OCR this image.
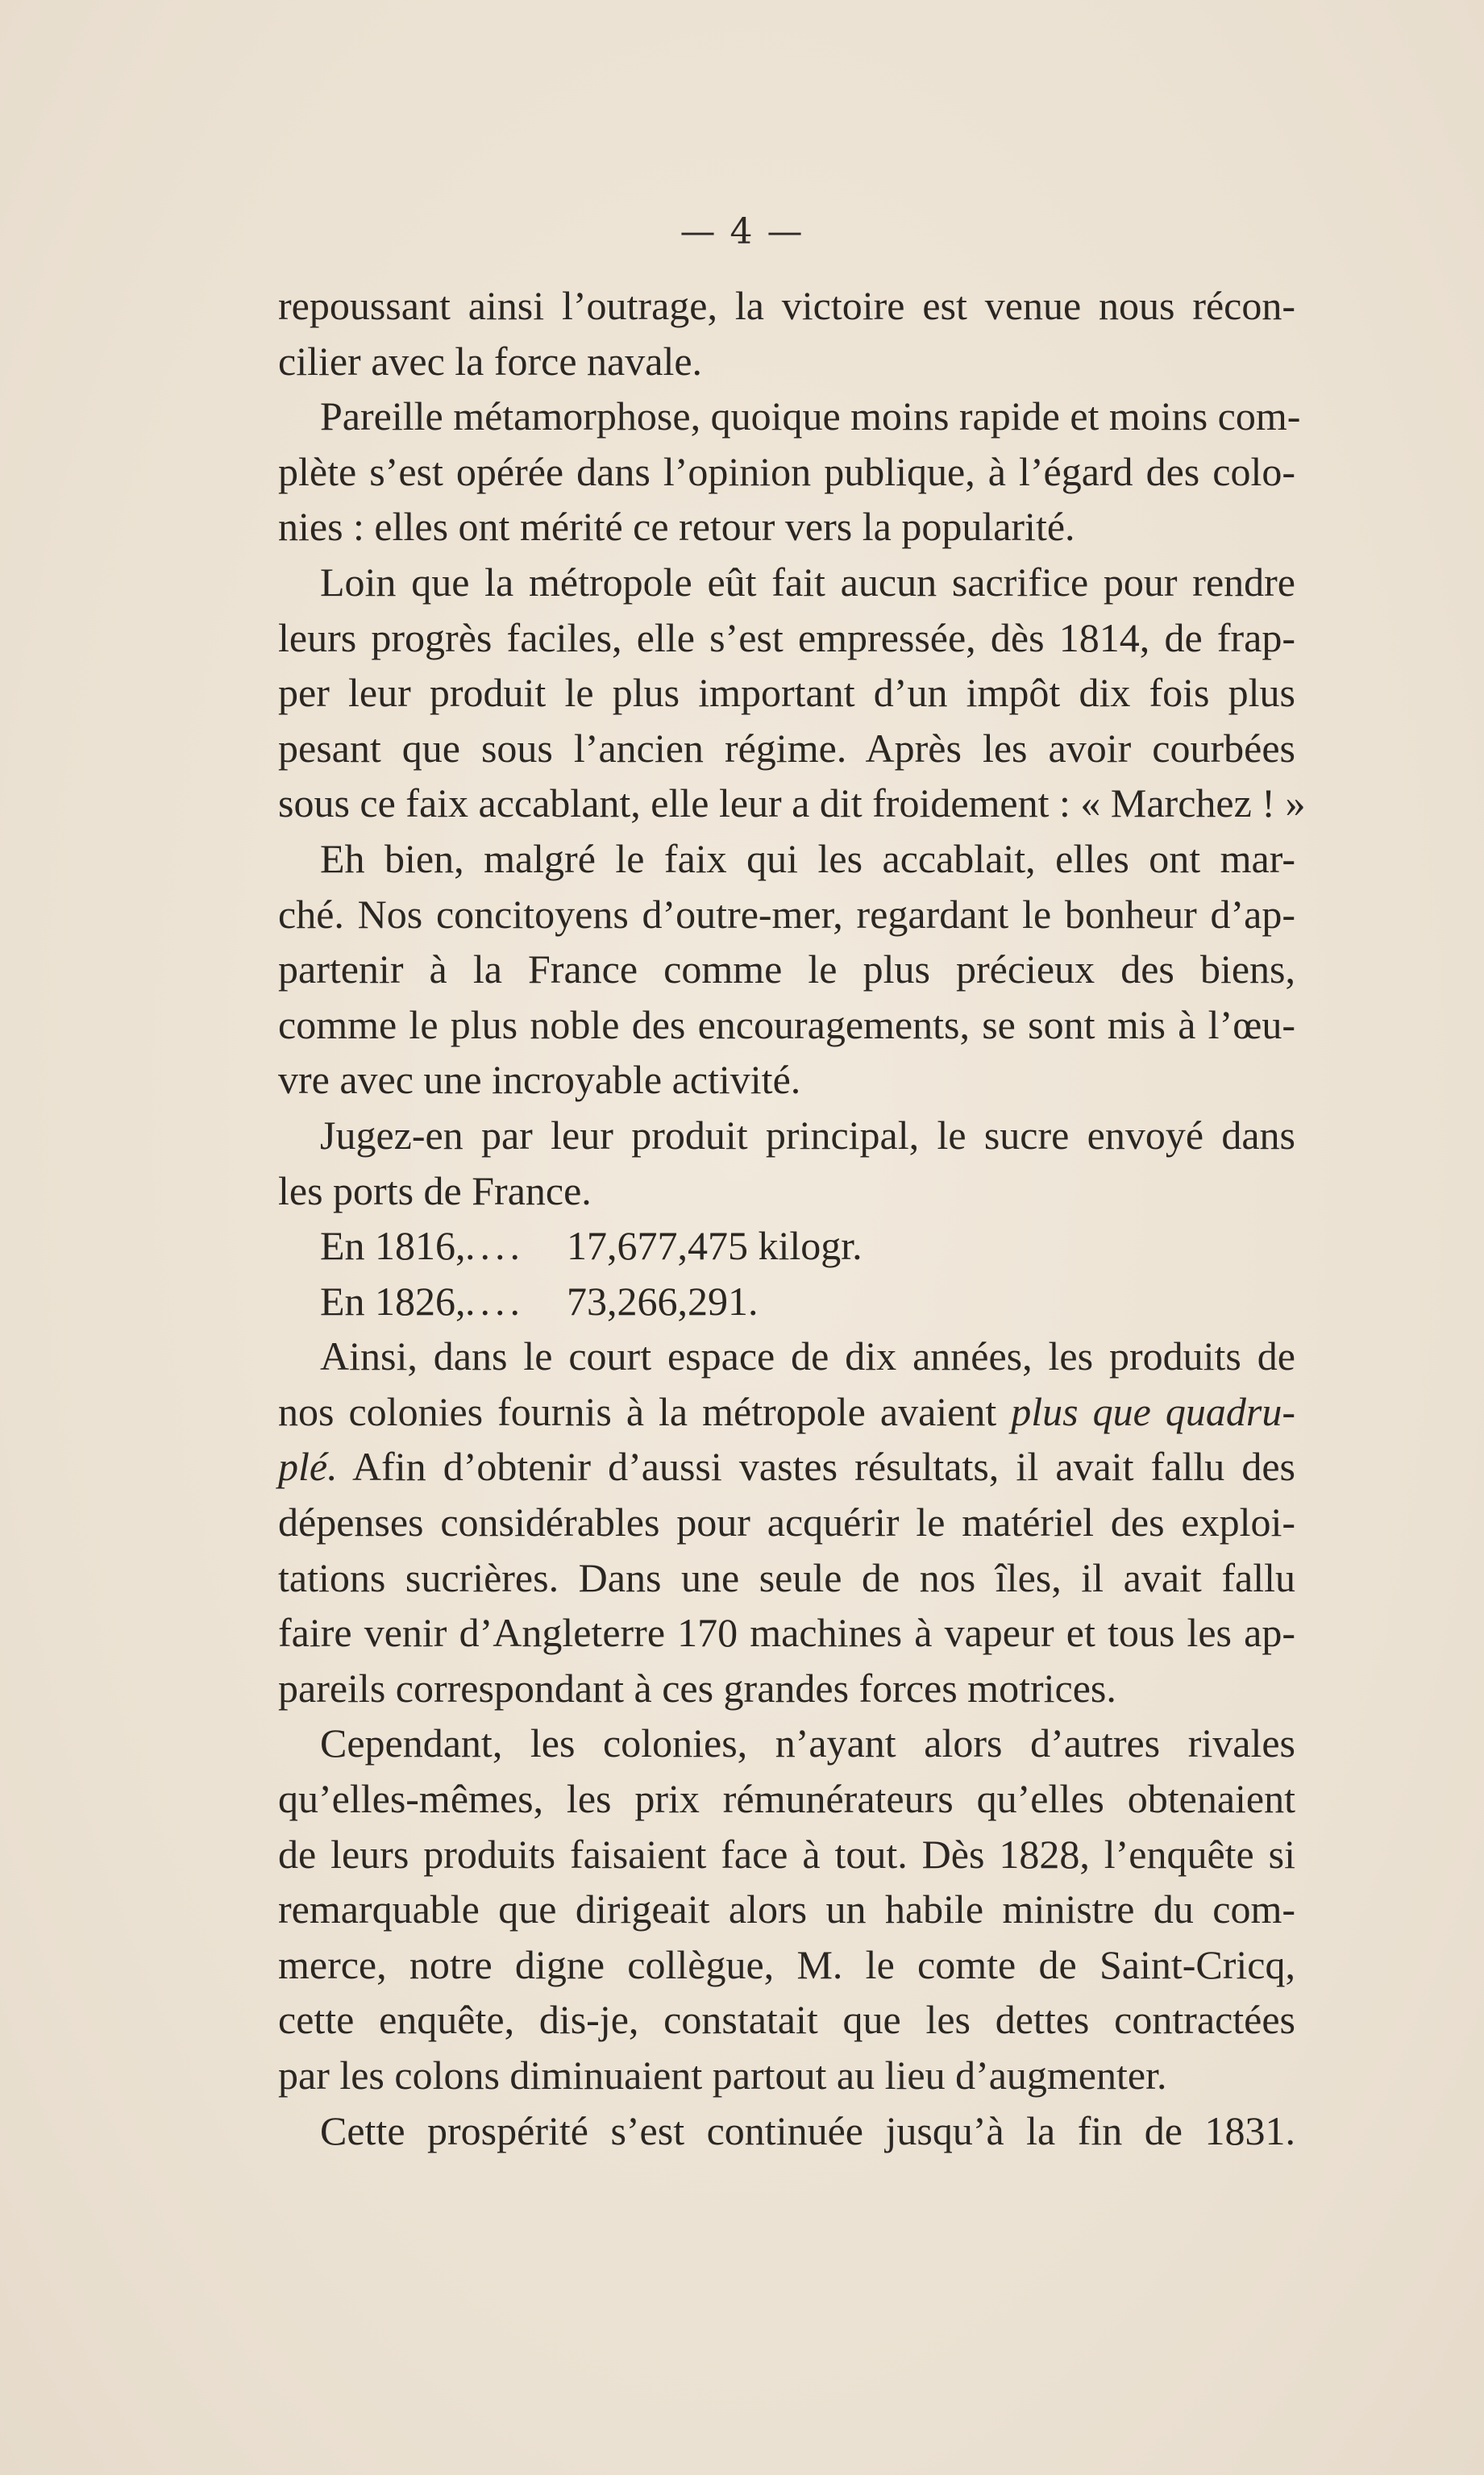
— 4 —
repoussant ainsi l’outrage, la victoire est venue nous récon-
cilier avec la force navale.
Pareille métamorphose, quoique moins rapide et moins com-
plète s’est opérée dans l’opinion publique, à l’égard des colo-
nies : elles ont mérité ce retour vers la popularité.
Loin que la métropole eût fait aucun sacrifice pour rendre
leurs progrès faciles, elle s’est empressée, dès 1814, de frap-
per leur produit le plus important d’un impôt dix fois plus
pesant que sous l’ancien régime. Après les avoir courbées
sous ce faix accablant, elle leur a dit froidement : « Marchez ! »
Eh bien, malgré le faix qui les accablait, elles ont mar-
ché. Nos concitoyens d’outre-mer, regardant le bonheur d’ap-
partenir à la France comme le plus précieux des biens,
comme le plus noble des encouragements, se sont mis à l’œu-
vre avec une incroyable activité.
Jugez-en par leur produit principal, le sucre envoyé dans
les ports de France.
En 1816,.... 17,677,475 kilogr.
En 1826,.... 73,266,291.
Ainsi, dans le court espace de dix années, les produits de
nos colonies fournis à la métropole avaient plus que quadru-
plé. Afin d’obtenir d’aussi vastes résultats, il avait fallu des
dépenses considérables pour acquérir le matériel des exploi-
tations sucrières. Dans une seule de nos îles, il avait fallu
faire venir d’Angleterre 170 machines à vapeur et tous les ap-
pareils correspondant à ces grandes forces motrices.
Cependant, les colonies, n’ayant alors d’autres rivales
qu’elles-mêmes, les prix rémunérateurs qu’elles obtenaient
de leurs produits faisaient face à tout. Dès 1828, l’enquête si
remarquable que dirigeait alors un habile ministre du com-
merce, notre digne collègue, M. le comte de Saint-Cricq,
cette enquête, dis-je, constatait que les dettes contractées
par les colons diminuaient partout au lieu d’augmenter.
Cette prospérité s’est continuée jusqu’à la fin de 1831.
